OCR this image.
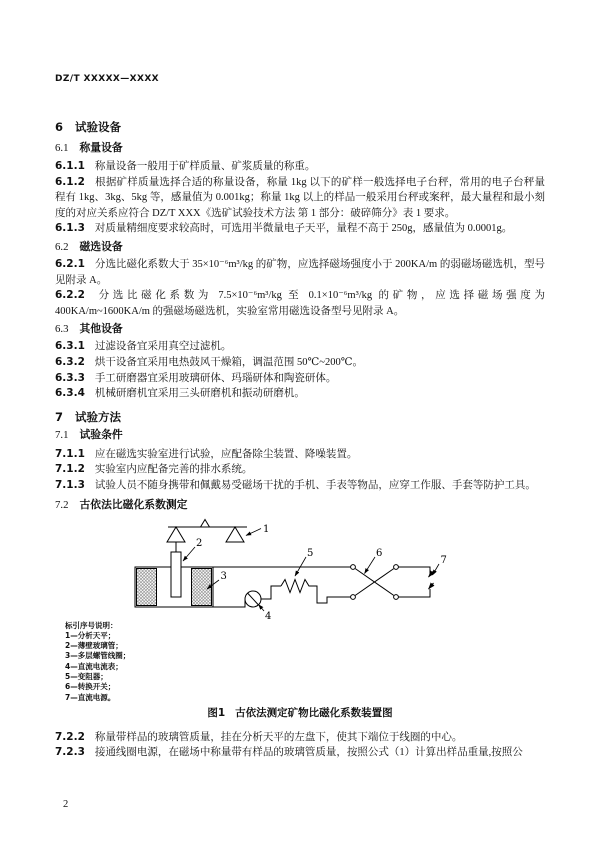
DZ/T XXXXX—XXXX
6 试验设备
6.1 称量设备

6.1.1 称量设备一般用于矿样质量、矿浆质量的称重。

6.1.2 根据矿样质量选择合适的称量设备，称量 1kg 以下的矿样一般选择电子台秤，常用的电子台秤量程有 1kg、3kg、5kg 等，感量值为 0.001kg；称量 1kg 以上的样品一般采用台秤或案秤，最大量程和最小刻度的对应关系应符合 DZ/T XXX《选矿试验技术方法 第 1 部分：破碎筛分》表 1 要求。

6.1.3 对质量精细度要求较高时，可选用半微量电子天平，量程不高于 250g，感量值为 0.0001g。

6.2 磁选设备

6.2.1 分选比磁化系数大于 35×10⁻⁶m³/kg 的矿物，应选择磁场强度小于 200KA/m 的弱磁场磁选机，型号见附录 A。

6.2.2 分选比磁化系数为 7.5×10⁻⁶m³/kg 至 0.1×10⁻⁶m³/kg 的矿物，应选择磁场强度为 400KA/m~1600KA/m 的强磁场磁选机，实验室常用磁选设备型号见附录 A。

6.3 其他设备

6.3.1 过滤设备宜采用真空过滤机。

6.3.2 烘干设备宜采用电热鼓风干燥箱，调温范围 50℃~200℃。

6.3.3 手工研磨器宜采用玻璃研体、玛瑙研体和陶瓷研体。

6.3.4 机械研磨机宜采用三头研磨机和振动研磨机。

7 试验方法
7.1 试验条件

7.1.1 应在磁选实验室进行试验，应配备除尘装置、降噪装置。

7.1.2 实验室内应配备完善的排水系统。

7.1.3 试验人员不随身携带和佩戴易受磁场干扰的手机、手表等物品，应穿工作服、手套等防护工具。

7.2 古依法比磁化系数测定
1
2
3
4
5	6
7
标引序号说明：
1—分析天平；
2—薄壁玻璃管；
3—多层螺管线圈；
4—直流电流表；
5—变阻器；
6—转换开关；
7—直流电源。
图1 古依法测定矿物比磁化系数装置图

7.2.2 称量带样品的玻璃管质量，挂在分析天平的左盘下，使其下端位于线圈的中心。

7.2.3 接通线圈电源，在磁场中称量带有样品的玻璃管质量，按照公式（1）计算出样品重量,按照公

2
